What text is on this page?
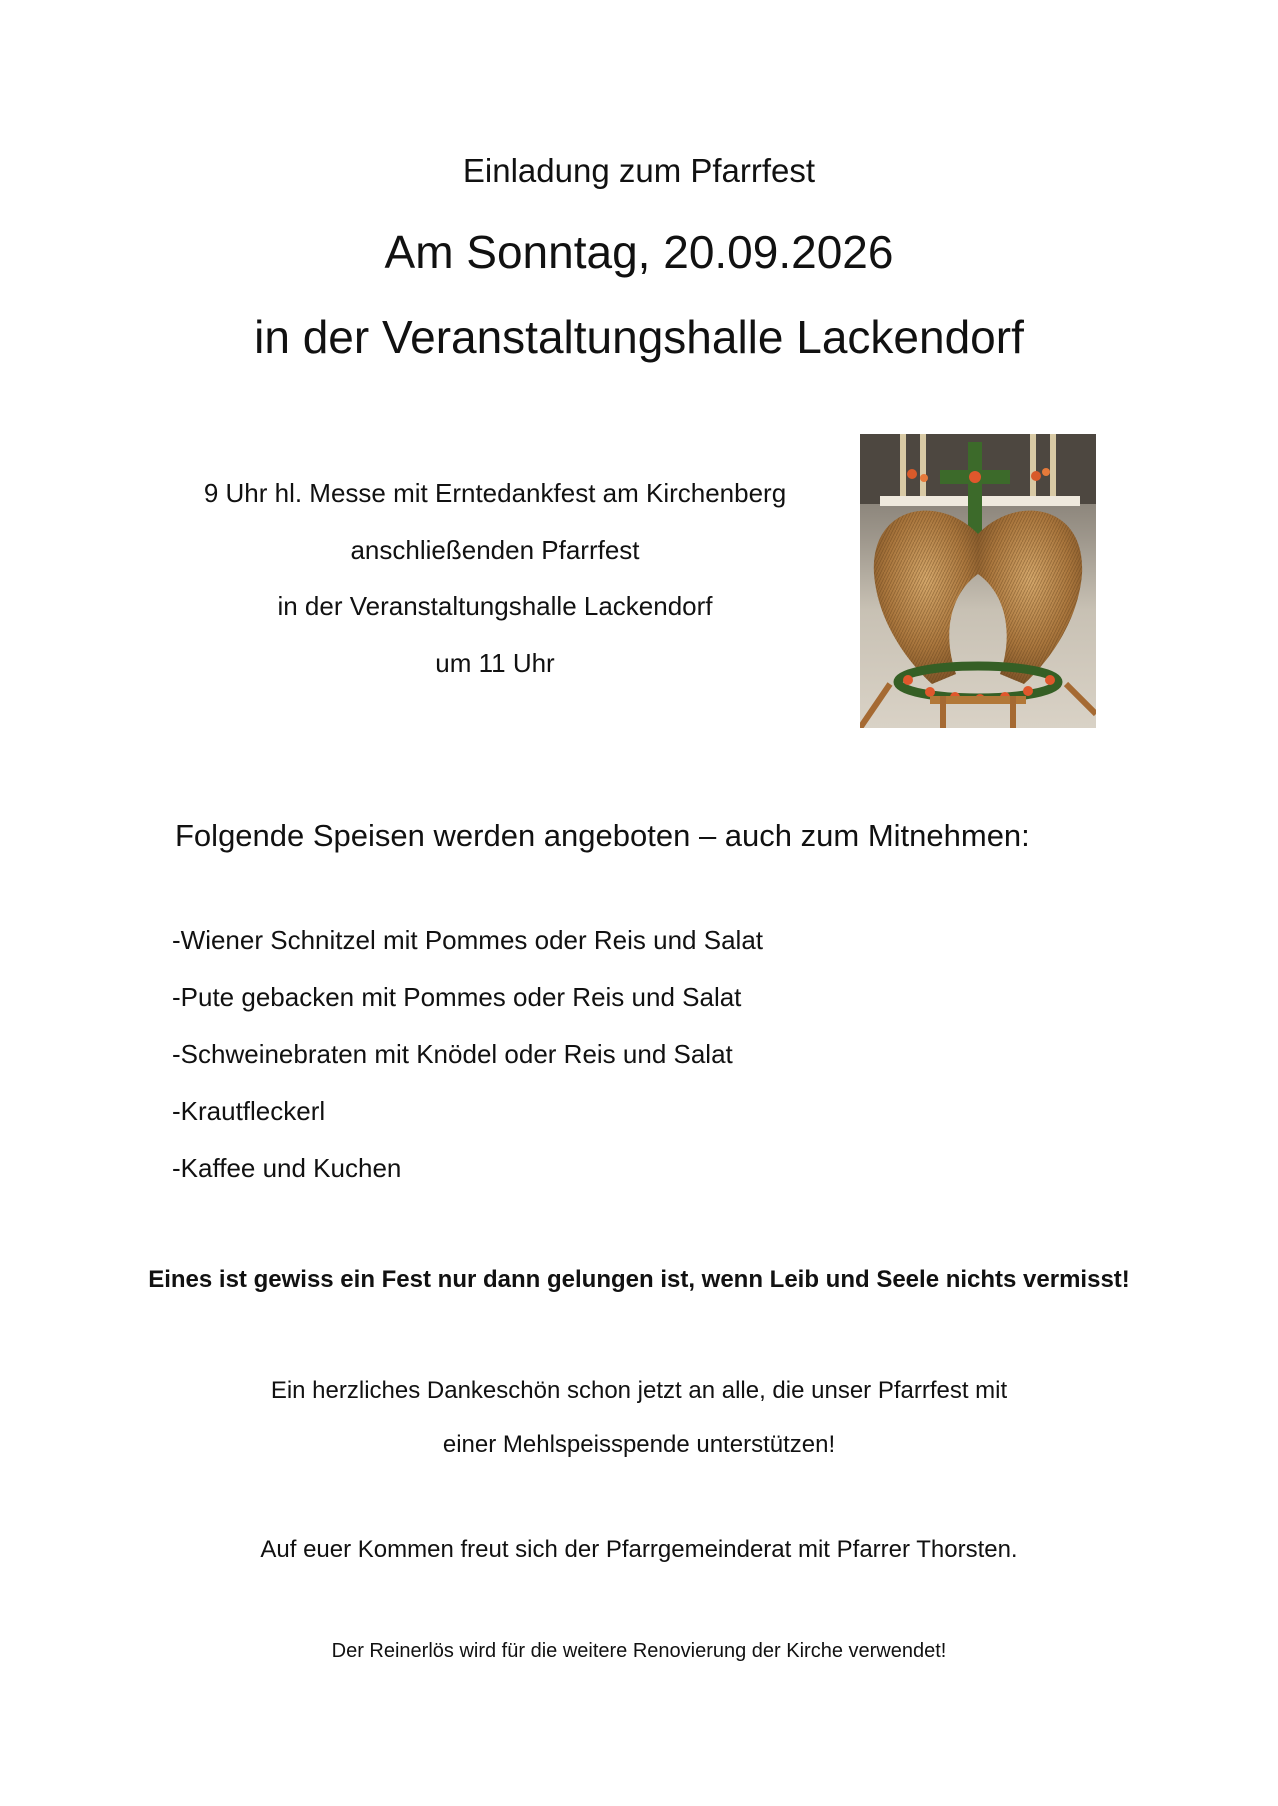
Einladung zum Pfarrfest
Am Sonntag, 20.09.2026
in der Veranstaltungshalle Lackendorf
9 Uhr hl. Messe mit Erntedankfest am Kirchenberg
anschließenden Pfarrfest
in der Veranstaltungshalle Lackendorf
um 11 Uhr
Folgende Speisen werden angeboten – auch zum Mitnehmen:
-Wiener Schnitzel mit Pommes oder Reis und Salat
-Pute gebacken mit Pommes oder Reis und Salat
-Schweinebraten mit Knödel oder Reis und Salat
-Krautfleckerl
-Kaffee und Kuchen
Eines ist gewiss ein Fest nur dann gelungen ist, wenn Leib und Seele nichts vermisst!
Ein herzliches Dankeschön schon jetzt an alle, die unser Pfarrfest mit
einer Mehlspeisspende unterstützen!
Auf euer Kommen freut sich der Pfarrgemeinderat mit Pfarrer Thorsten.
Der Reinerlös wird für die weitere Renovierung der Kirche verwendet!
